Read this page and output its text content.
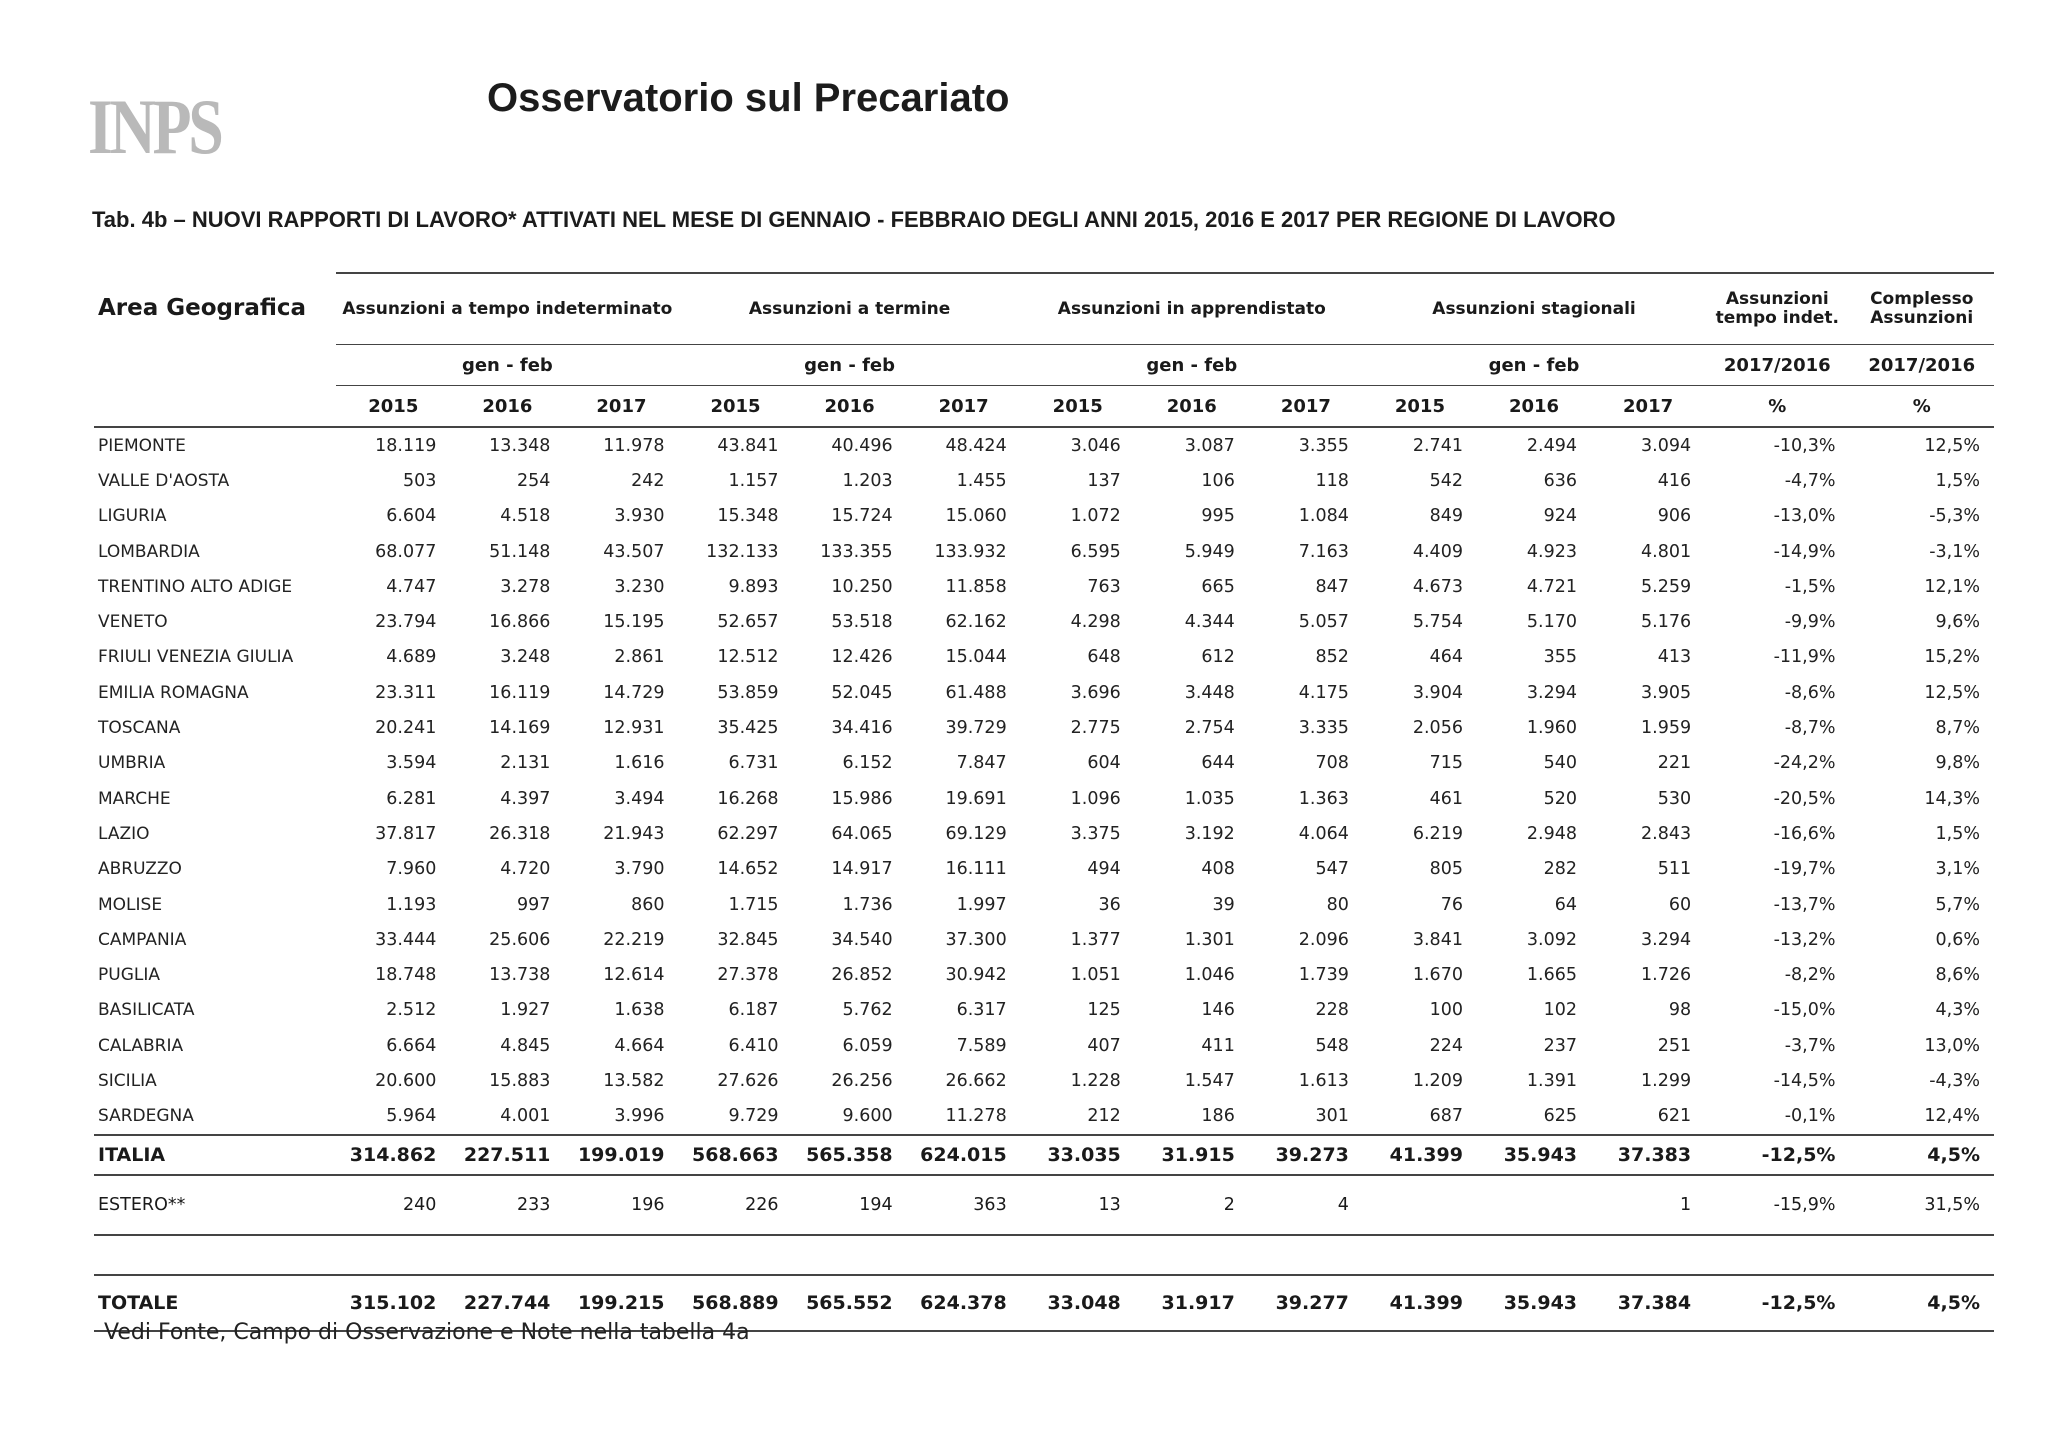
INPS	Osservatorio sul Precariato
Tab. 4b – NUOVI RAPPORTI DI LAVORO* ATTIVATI NEL MESE DI GENNAIO - FEBBRAIO DEGLI ANNI 2015, 2016 E 2017 PER REGIONE DI LAVORO
Area Geografica	Assunzioni a tempo indeterminato			Assunzioni a termine			Assunzioni in apprendistato			Assunzioni stagionali			Assunzioni tempo indet.	Complesso Assunzioni
	gen - feb			gen - feb			gen - feb			gen - feb			2017/2016	2017/2016
	2015	2016	2017	2015	2016	2017	2015	2016	2017	2015	2016	2017	%	%
PIEMONTE	18.119	13.348	11.978	43.841	40.496	48.424	3.046	3.087	3.355	2.741	2.494	3.094	-10,3%	12,5%
VALLE D'AOSTA	503	254	242	1.157	1.203	1.455	137	106	118	542	636	416	-4,7%	1,5%
LIGURIA	6.604	4.518	3.930	15.348	15.724	15.060	1.072	995	1.084	849	924	906	-13,0%	-5,3%
LOMBARDIA	68.077	51.148	43.507	132.133	133.355	133.932	6.595	5.949	7.163	4.409	4.923	4.801	-14,9%	-3,1%
TRENTINO ALTO ADIGE	4.747	3.278	3.230	9.893	10.250	11.858	763	665	847	4.673	4.721	5.259	-1,5%	12,1%
VENETO	23.794	16.866	15.195	52.657	53.518	62.162	4.298	4.344	5.057	5.754	5.170	5.176	-9,9%	9,6%
FRIULI VENEZIA GIULIA	4.689	3.248	2.861	12.512	12.426	15.044	648	612	852	464	355	413	-11,9%	15,2%
EMILIA ROMAGNA	23.311	16.119	14.729	53.859	52.045	61.488	3.696	3.448	4.175	3.904	3.294	3.905	-8,6%	12,5%
TOSCANA	20.241	14.169	12.931	35.425	34.416	39.729	2.775	2.754	3.335	2.056	1.960	1.959	-8,7%	8,7%
UMBRIA	3.594	2.131	1.616	6.731	6.152	7.847	604	644	708	715	540	221	-24,2%	9,8%
MARCHE	6.281	4.397	3.494	16.268	15.986	19.691	1.096	1.035	1.363	461	520	530	-20,5%	14,3%
LAZIO	37.817	26.318	21.943	62.297	64.065	69.129	3.375	3.192	4.064	6.219	2.948	2.843	-16,6%	1,5%
ABRUZZO	7.960	4.720	3.790	14.652	14.917	16.111	494	408	547	805	282	511	-19,7%	3,1%
MOLISE	1.193	997	860	1.715	1.736	1.997	36	39	80	76	64	60	-13,7%	5,7%
CAMPANIA	33.444	25.606	22.219	32.845	34.540	37.300	1.377	1.301	2.096	3.841	3.092	3.294	-13,2%	0,6%
PUGLIA	18.748	13.738	12.614	27.378	26.852	30.942	1.051	1.046	1.739	1.670	1.665	1.726	-8,2%	8,6%
BASILICATA	2.512	1.927	1.638	6.187	5.762	6.317	125	146	228	100	102	98	-15,0%	4,3%
CALABRIA	6.664	4.845	4.664	6.410	6.059	7.589	407	411	548	224	237	251	-3,7%	13,0%
SICILIA	20.600	15.883	13.582	27.626	26.256	26.662	1.228	1.547	1.613	1.209	1.391	1.299	-14,5%	-4,3%
SARDEGNA	5.964	4.001	3.996	9.729	9.600	11.278	212	186	301	687	625	621	-0,1%	12,4%
ITALIA	314.862	227.511	199.019	568.663	565.358	624.015	33.035	31.915	39.273	41.399	35.943	37.383	-12,5%	4,5%
ESTERO**	240	233	196	226	194	363	13	2	4			1	-15,9%	31,5%

TOTALE	315.102	227.744	199.215	568.889	565.552	624.378	33.048	31.917	39.277	41.399	35.943	37.384	-12,5%	4,5%
Vedi Fonte, Campo di Osservazione e Note nella tabella 4a
